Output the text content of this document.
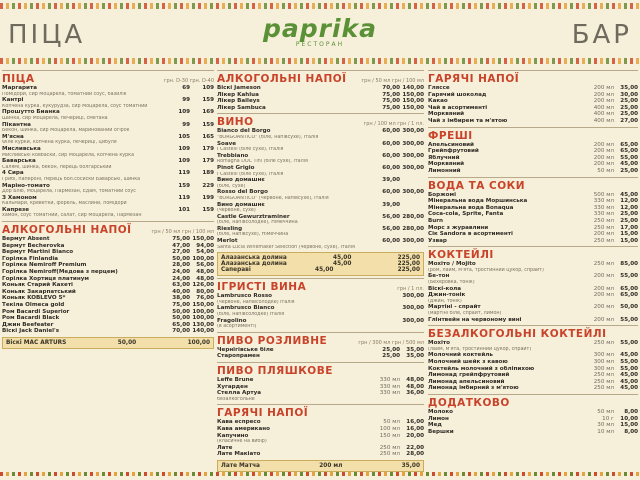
ПІЦА	paprika
РЕСТОРАН	БАР
ПІЦА	грн. D-30 грн. D-40
Маргарита	69	109
Помідори, сир Моцарела, томатний соус, базилік
Кантрі	99	159
Копчена курка, кукурудза, сир Моцарела, соус томатний
Прошутто Бианка	109	169
Шинка, сир Моцарела, печериці, сметана
Пікантна	99	159
Бекон, шинка, сир Моцарела, маринований огірок
М'ясна	105	165
Філе курки, копчена курка, печериці, цибуля
Мисливська	109	179
Мисливські ковбаски, сир Моцарела, копчена курка
Баварська	109	179
Салямі, шинка, бекон, перець болгарський
4 Сира	119	189
Грибі, папероні, перець бол.сосиски Баварські, шинка
Маріно-томато	159	229
Дор Блю, Моцарела, Пармезан, Едам, томатний соус
З Хамоном	119	199
Кальмари, креветки, форель, маслини, помідори
Капрезе	101	159
хамон, соус томатний, салат, сир Моцарела, Пармезан
АЛКОГОЛЬНІ НАПОЇ	грн / 50 мл грн / 100 мл
Вермут Absent	75,00 150,00
Вермут Becherovka	47,00	94,00
Вермут Martini Bianco	27,00	54,00
Горілка Finlandia	50,00 100,00
Горілка Nemiroff Premium	28,00	56,00
Горілка Nemiroff(Медова з перцем)	24,00	48,00
Горілка Хортиця платинум	24,00	48,00
Коньяк Старий Кахеті	63,00 126,00
Коньяк Закарпатський	40,00	80,00
Коньяк KOBLEVO 5*	38,00	76,00
Текіла Olmeca gold	75,00 150,00
Ром Bacardi Superior	50,00 100,00
Ром Bacardi Black	50,00 100,00
Джин Beefeater	65,00 130,00
Віскі Jack Daniel's	70,00 140,00
Віскі MAC ARTURS	50,00	100,00
АЛКОГОЛЬНІ НАПОЇ	грн / 50 мл грн / 100 мл
Віскі Jameson	70,00 140,00
Лікер Kahlua	75,00 150,00
Лікер Baileys	75,00 150,00
Лікер Sambuca	75,00 150,00
ВИНО	грн / 100 мл грн / 1 пл.
Bianco del Borgo	60,00 300,00
"BORGOANTICO" (біле, напівсухе), Італія
Soave	60,00 300,00
I Castelli (біле сухе), Італія
Trebbiano	60,00 300,00
Romagna DOC Tini (біле сухе), Італія
Pinot Grigio	60,00 300,00
I Castelli (біле сухе), Італія
Вино домашнє	39,00
(біле, сухе)
Rosso del Borgo	60,00 300,00
"BORGOANTICO" (червоне, напівсухе), Італія
Вино домашнє	39,00
(червоне, сухе)
Castle Gewurztraminer	56,00 280,00
(біле, напівсолодке), Німеччина
Riesling	56,00 280,00
(біле, напівсухе), Німеччина
Merlot	60,00 300,00
Santa Lucia Winemaker Selection (червоне, сухе), Італія
Алазанська долина	45,00	225,00
Алазанська долина	45,00	225,00
Сапераві	45,00	225,00
ІГРИСТІ ВИНА	грн / 1 пл.
Lambrusco Rosso	300,00
(червоне, напівсолодке) Італія
Lambrusco Bianco	300,00
(біле, напівсолодке) Італія
Fragolino	300,00
(в асортименті)
ПИВО РОЗЛИВНЕ	грн / 300 мл грн / 500 мл
Чернігівське біле	25,00	35,00
Старопрамен	25,00	35,00
ПИВО ПЛЯШКОВЕ
Leffe Brune	330 мл	48,00
Хугарден	330 мл	48,00
Стелла Артуа	330 мл	36,00
безалкогольне
ГАРЯЧІ НАПОЇ
Кава еспресо	50 мл	16,00
Кава американо	100 мл	16,00
Капучино	150 мл	20,00
(класичне на вибір)
Лате	250 мл	22,00
Лате Макіато	250 мл	28,00
Лате Матча	200 мл	35,00
ГАРЯЧІ НАПОЇ
Гляссе	200 мл	35,00
Гарячий шоколад	200 мл	30,00
Какао	200 мл	25,00
Чай в асортименті	400 мл	25,00
Морквяний	400 мл	25,00
Чай з імбирем та м'ятою	400 мл	27,00
ФРЕШІ
Апельсиновий	200 мл	65,00
Грейпфрутовий	200 мл	65,00
Яблучний	200 мл	55,00
Морквяний	200 мл	45,00
Лимонний	50 мл	25,00
ВОДА ТА СОКИ
Боржомі	500 мл	45,00
Мінеральна вода Моршинська	330 мл	12,00
Мінеральна вода Bonaqua	330 мл	12,00
Coca-cola, Sprite, Fanta	330 мл	25,00
Burn	250 мл	25,00
Морс з журавлини	250 мл	17,00
Сік Sandora в асортименті	200 мл	15,00
Узвар	250 мл	15,00
КОКТЕЙЛІ
Мохіто / Mojito	250 мл	85,00
(ром, лайм, м'ята, тростинний цукор, спрайт)
Бе-тон	200 мл	55,00
(Бехеровка, тонік)
Віскі-кола	200 мл	65,00
Джин-тонік	200 мл	65,00
(джин, тонік)
Мартіні - спрайт	200 мл	50,00
(мартіні біле, спрайт, лимон)
Глінтвейн на червоному вині	200 мл	55,00
БЕЗАЛКОГОЛЬНІ КОКТЕЙЛІ
Мохіто	250 мл	55,00
(лайм, м'ята, тростинний цукор, спрайт)
Молочний коктейль	300 мл	45,00
Молочний шейк з кавою	300 мл	55,00
Коктейль молочний з обліпихою	300 мл	55,00
Лимонад грейпфрутовий	250 мл	45,00
Лимонад апельсиновий	250 мл	45,00
Лимонад імбирний з м'ятою	250 мл	45,00
ДОДАТКОВО
Молоко	50 мл	8,00
Лимон	10 г	10,00
Мед	30 мл	15,00
Вершки	10 мл	8,00
